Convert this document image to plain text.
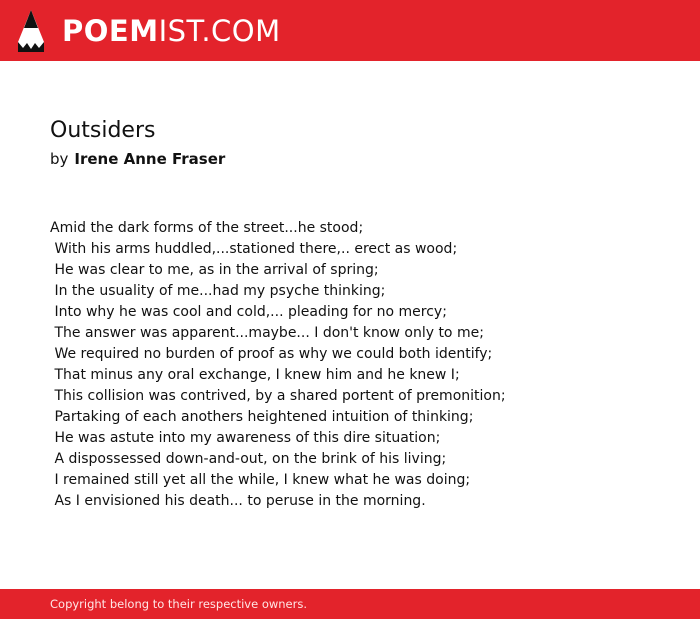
POEMIST.COM
Outsiders
by Irene Anne Fraser
Amid the dark forms of the street...he stood;
With his arms huddled,...stationed there,.. erect as wood;
He was clear to me, as in the arrival of spring;
In the usuality of me...had my psyche thinking;
Into why he was cool and cold,... pleading for no mercy;
The answer was apparent...maybe... I don't know only to me;
We required no burden of proof as why we could both identify;
That minus any oral exchange, I knew him and he knew I;
This collision was contrived, by a shared portent of premonition;
Partaking of each anothers heightened intuition of thinking;
He was astute into my awareness of this dire situation;
A dispossessed down-and-out, on the brink of his living;
I remained still yet all the while, I knew what he was doing;
As I envisioned his death... to peruse in the morning.
Copyright belong to their respective owners.
